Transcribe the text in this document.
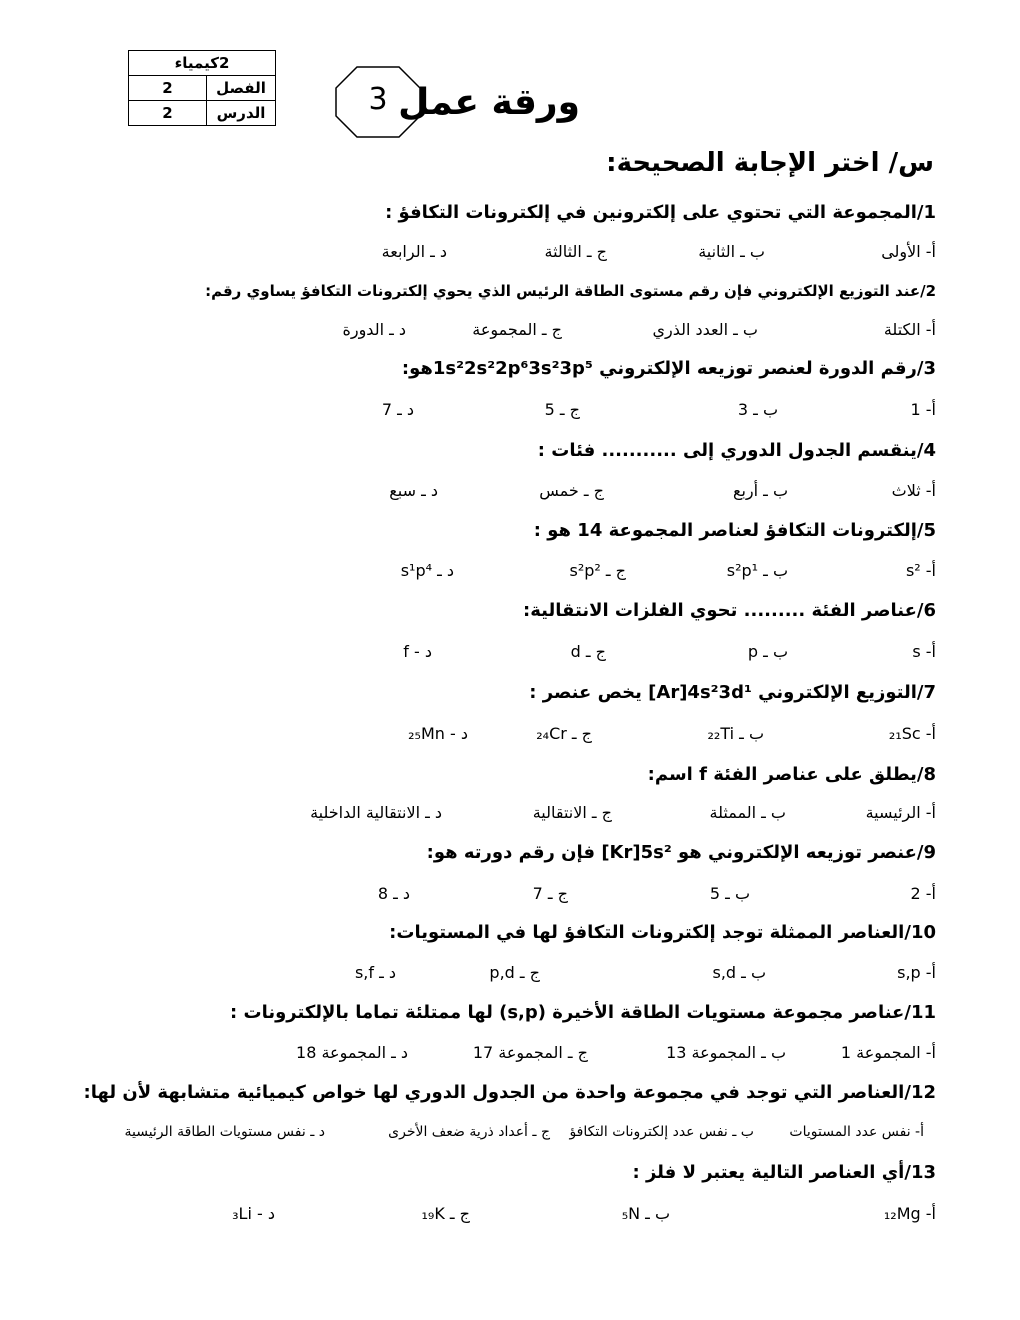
2كيمياء	
الفصل	2
الدرس	2	3 ورقة عمل
س/ اختر الإجابة الصحيحة:
1/المجموعة التي تحتوي على إلكترونين في إلكترونات التكافؤ :
أ- الأولى
ب ـ الثانية
ج ـ الثالثة
د ـ الرابعة
2/عند التوزيع الإلكتروني فإن رقم مستوى الطاقة الرئيس الذي يحوي إلكترونات التكافؤ يساوي رقم:
أ- الكتلة
ب ـ العدد الذري
ج ـ المجموعة
د ـ الدورة
3/رقم الدورة لعنصر توزيعه الإلكتروني 1s²2s²2p⁶3s²3p⁵هو:
أ- 1
ب ـ 3
ج ـ 5
د ـ 7
4/ينقسم الجدول الدوري إلى ........... فئات :
أ- ثلاث
ب ـ أربع
ج ـ خمس
د ـ سبع
5/إلكترونات التكافؤ لعناصر المجموعة 14 هو :
أ- s²
ب ـ s²p¹
ج ـ s²p²
د ـ s¹p⁴
6/عناصر الفئة ......... تحوي الفلزات الانتقالية:
أ- s
ب ـ p
ج ـ d
د - f
7/التوزيع الإلكتروني [Ar]4s²3d¹ يخص عنصر :
أ- ₂₁Sc
ب ـ ₂₂Ti
ج ـ ₂₄Cr
د - ₂₅Mn
8/يطلق على عناصر الفئة f اسم:
أ- الرئيسية
ب ـ الممثلة
ج ـ الانتقالية
د ـ الانتقالية الداخلية
9/عنصر توزيعه الإلكتروني هو [Kr]5s² فإن رقم دورته هو:
أ- 2
ب ـ 5
ج ـ 7
د ـ 8
10/العناصر الممثلة توجد إلكترونات التكافؤ لها في المستويات:
أ- s,p
ب ـ s,d
ج ـ p,d
د ـ s,f
11/عناصر مجموعة مستويات الطاقة الأخيرة (s,p) لها ممتلئة تماما بالإلكترونات :
أ- المجموعة 1
ب ـ المجموعة 13
ج ـ المجموعة 17
د ـ المجموعة 18
12/العناصر التي توجد في مجموعة واحدة من الجدول الدوري لها خواص كيميائية متشابهة لأن لها:
أ- نفس عدد المستويات
ب ـ نفس عدد إلكترونات التكافؤ
ج ـ أعداد ذرية ضعف الأخرى
د ـ نفس مستويات الطاقة الرئيسية
13/أي العناصر التالية يعتبر لا فلز :
أ- ₁₂Mg
ب ـ ₅N
ج ـ ₁₉K
د - ₃Li
